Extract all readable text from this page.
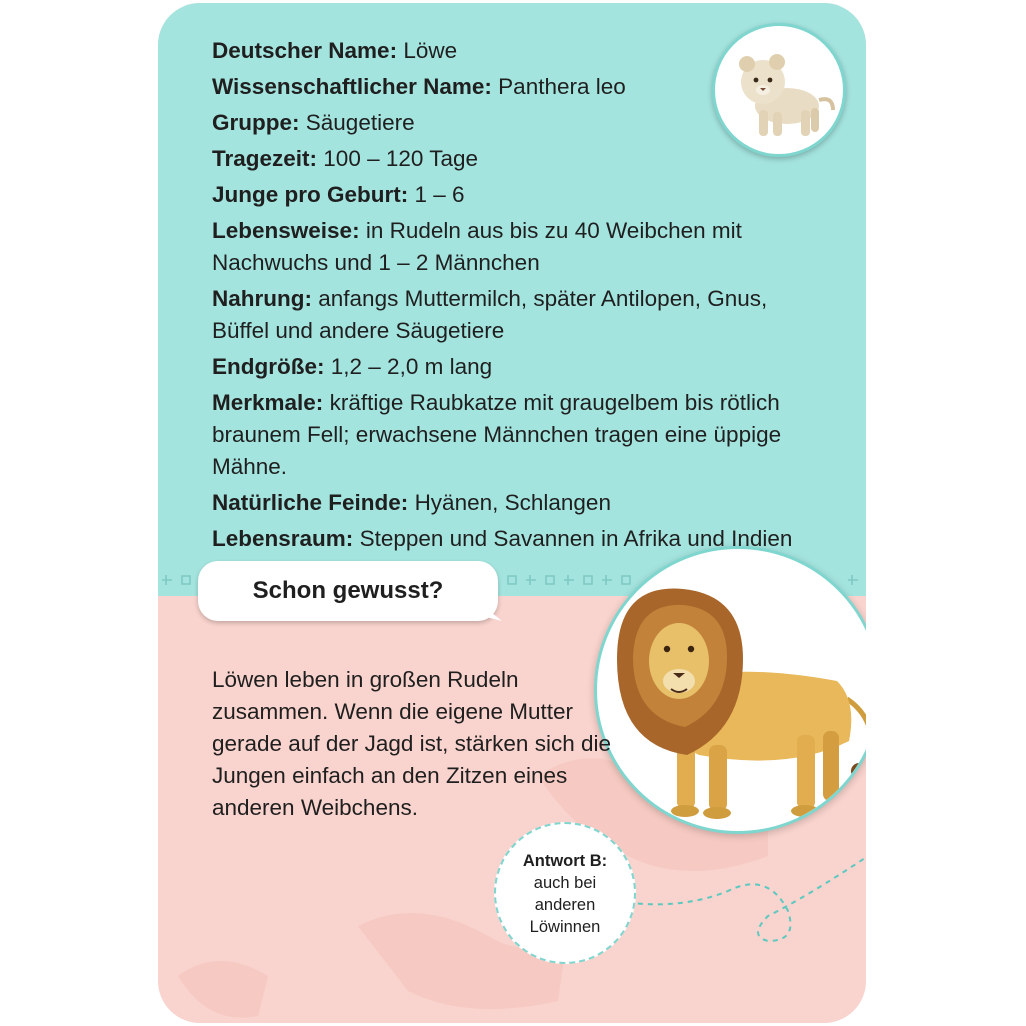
Deutscher Name: Löwe
Wissenschaftlicher Name: Panthera leo
Gruppe: Säugetiere
Tragezeit: 100 – 120 Tage
Junge pro Geburt: 1 – 6
Lebensweise: in Rudeln aus bis zu 40 Weibchen mit Nachwuchs und 1 – 2 Männchen
Nahrung: anfangs Muttermilch, später Antilopen, Gnus, Büffel und andere Säugetiere
Endgröße: 1,2 – 2,0 m lang
Merkmale: kräftige Raubkatze mit graugelbem bis rötlich braunem Fell; erwachsene Männchen tragen eine üppige Mähne.
Natürliche Feinde: Hyänen, Schlangen
Lebensraum: Steppen und Savannen in Afrika und Indien
Schon gewusst?

Löwen leben in großen Rudeln zusammen. Wenn die eigene Mutter gerade auf der Jagd ist, stärken sich die Jungen einfach an den Zitzen eines anderen Weibchens.

Antwort B:
auch bei
anderen
Löwinnen
